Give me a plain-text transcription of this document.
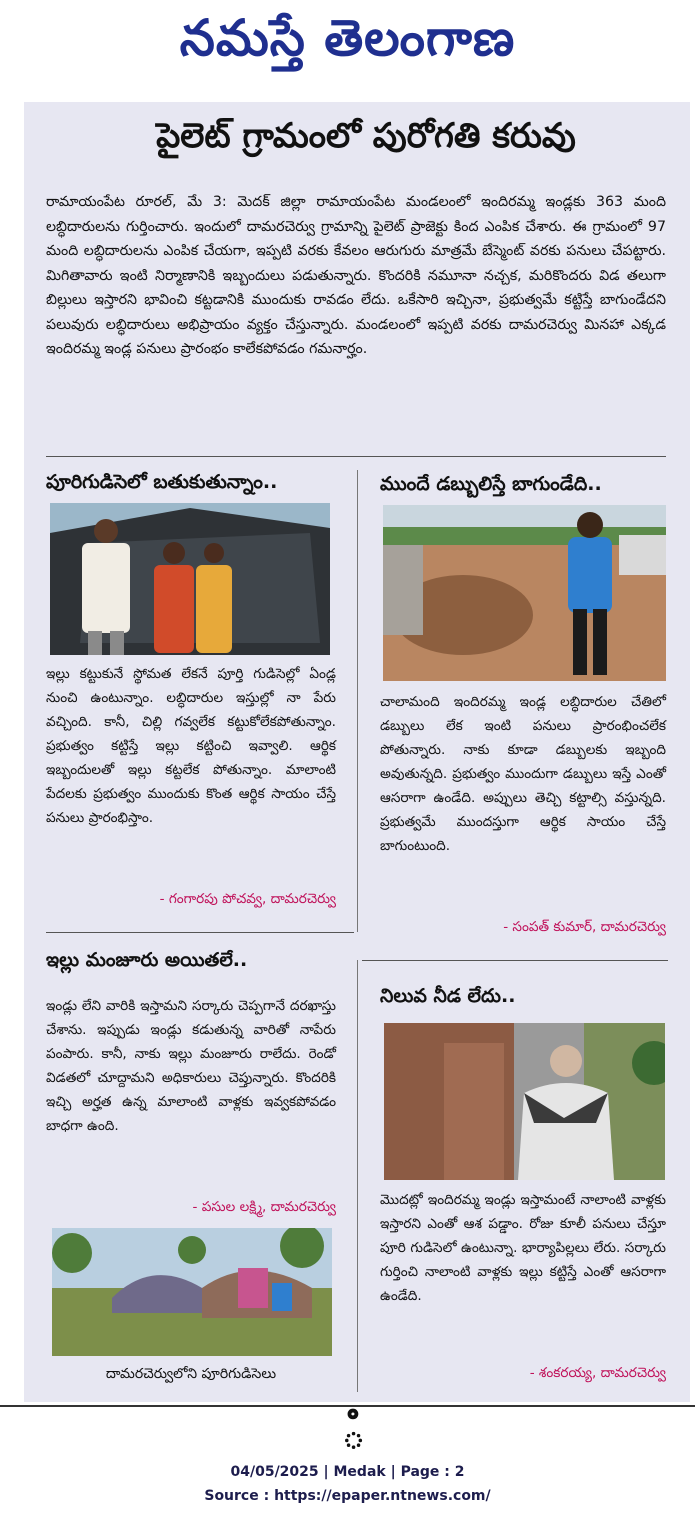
నమస్తే తెలంగాణ
పైలెట్ గ్రామంలో పురోగతి కరువు
రామాయంపేట రూరల్, మే 3: మెదక్ జిల్లా రామాయంపేట మండలంలో ఇందిరమ్మ ఇండ్లకు 363 మంది లబ్ధిదారులను గుర్తించారు. ఇందులో దామరచెర్వు గ్రామాన్ని పైలెట్ ప్రాజెక్టు కింద ఎంపిక చేశారు. ఈ గ్రామంలో 97 మంది లబ్ధిదారులను ఎంపిక చేయగా, ఇప్పటి వరకు కేవలం ఆరుగురు మాత్రమే బేస్మెంట్ వరకు పనులు చేపట్టారు. మిగితావారు ఇంటి నిర్మాణానికి ఇబ్బందులు పడుతున్నారు. కొందరికి నమూనా నచ్చక, మరికొందరు విడ తలుగా బిల్లులు ఇస్తారని భావించి కట్టడానికి ముందుకు రావడం లేదు. ఒకేసారి ఇచ్చినా, ప్రభుత్వమే కట్టిస్తే బాగుండేదని పలువురు లబ్ధిదారులు అభిప్రాయం వ్యక్తం చేస్తున్నారు. మండలంలో ఇప్పటి వరకు దామరచెర్వు మినహా ఎక్కడ ఇందిరమ్మ ఇండ్ల పనులు ప్రారంభం కాలేకపోవడం గమనార్హం.
పూరిగుడిసెలో బతుకుతున్నాం..
ఇల్లు కట్టుకునే స్థోమత లేకనే పూర్తి గుడిసెల్లో ఏండ్ల నుంచి ఉంటున్నాం. లబ్ధిదారుల ఇస్తుల్లో నా పేరు వచ్చింది. కానీ, చిల్లి గవ్వలేక కట్టుకోలేకపోతున్నాం. ప్రభుత్వం కట్టిస్తే ఇల్లు కట్టించి ఇవ్వాలి. ఆర్థిక ఇబ్బందులతో ఇల్లు కట్టలేక పోతున్నాం. మాలాంటి పేదలకు ప్రభుత్వం ముందుకు కొంత ఆర్థిక సాయం చేస్తే పనులు ప్రారంభిస్తాం.
- గంగారపు పోచవ్వ, దామరచెర్వు
ముందే డబ్బులిస్తే బాగుండేది..
చాలామంది ఇందిరమ్మ ఇండ్ల లబ్ధిదారుల చేతిలో డబ్బులు లేక ఇంటి పనులు ప్రారంభించలేక పోతున్నారు. నాకు కూడా డబ్బులకు ఇబ్బంది అవుతున్నది. ప్రభుత్వం ముందుగా డబ్బులు ఇస్తే ఎంతో ఆసరాగా ఉండేది. అప్పులు తెచ్చి కట్టాల్సి వస్తున్నది. ప్రభుత్వమే ముందస్తుగా ఆర్థిక సాయం చేస్తే బాగుంటుంది.
- సంపత్ కుమార్, దామరచెర్వు
ఇల్లు మంజూరు అయితలే..
ఇండ్లు లేని వారికి ఇస్తామని సర్కారు చెప్పగానే దరఖాస్తు చేశాను. ఇప్పుడు ఇండ్లు కడుతున్న వారితో నాపేరు పంపారు. కానీ, నాకు ఇల్లు మంజూరు రాలేదు. రెండో విడతలో చూద్దామని అధికారులు చెప్తున్నారు. కొందరికి ఇచ్చి అర్హత ఉన్న మాలాంటి వాళ్లకు ఇవ్వకపోవడం బాధగా ఉంది.
- పసుల లక్ష్మి, దామరచెర్వు
దామరచెర్వులోని పూరిగుడిసెలు
నిలువ నీడ లేదు..
మొదట్లో ఇందిరమ్మ ఇండ్లు ఇస్తామంటే నాలాంటి వాళ్లకు ఇస్తారని ఎంతో ఆశ పడ్డాం. రోజు కూలీ పనులు చేస్తూ పూరి గుడిసెలో ఉంటున్నా. భార్యాపిల్లలు లేరు. సర్కారు గుర్తించి నాలాంటి వాళ్లకు ఇల్లు కట్టిస్తే ఎంతో ఆసరాగా ఉండేది.
- శంకరయ్య, దామరచెర్వు
ఄ
04/05/2025 | Medak | Page : 2
Source : https://epaper.ntnews.com/
